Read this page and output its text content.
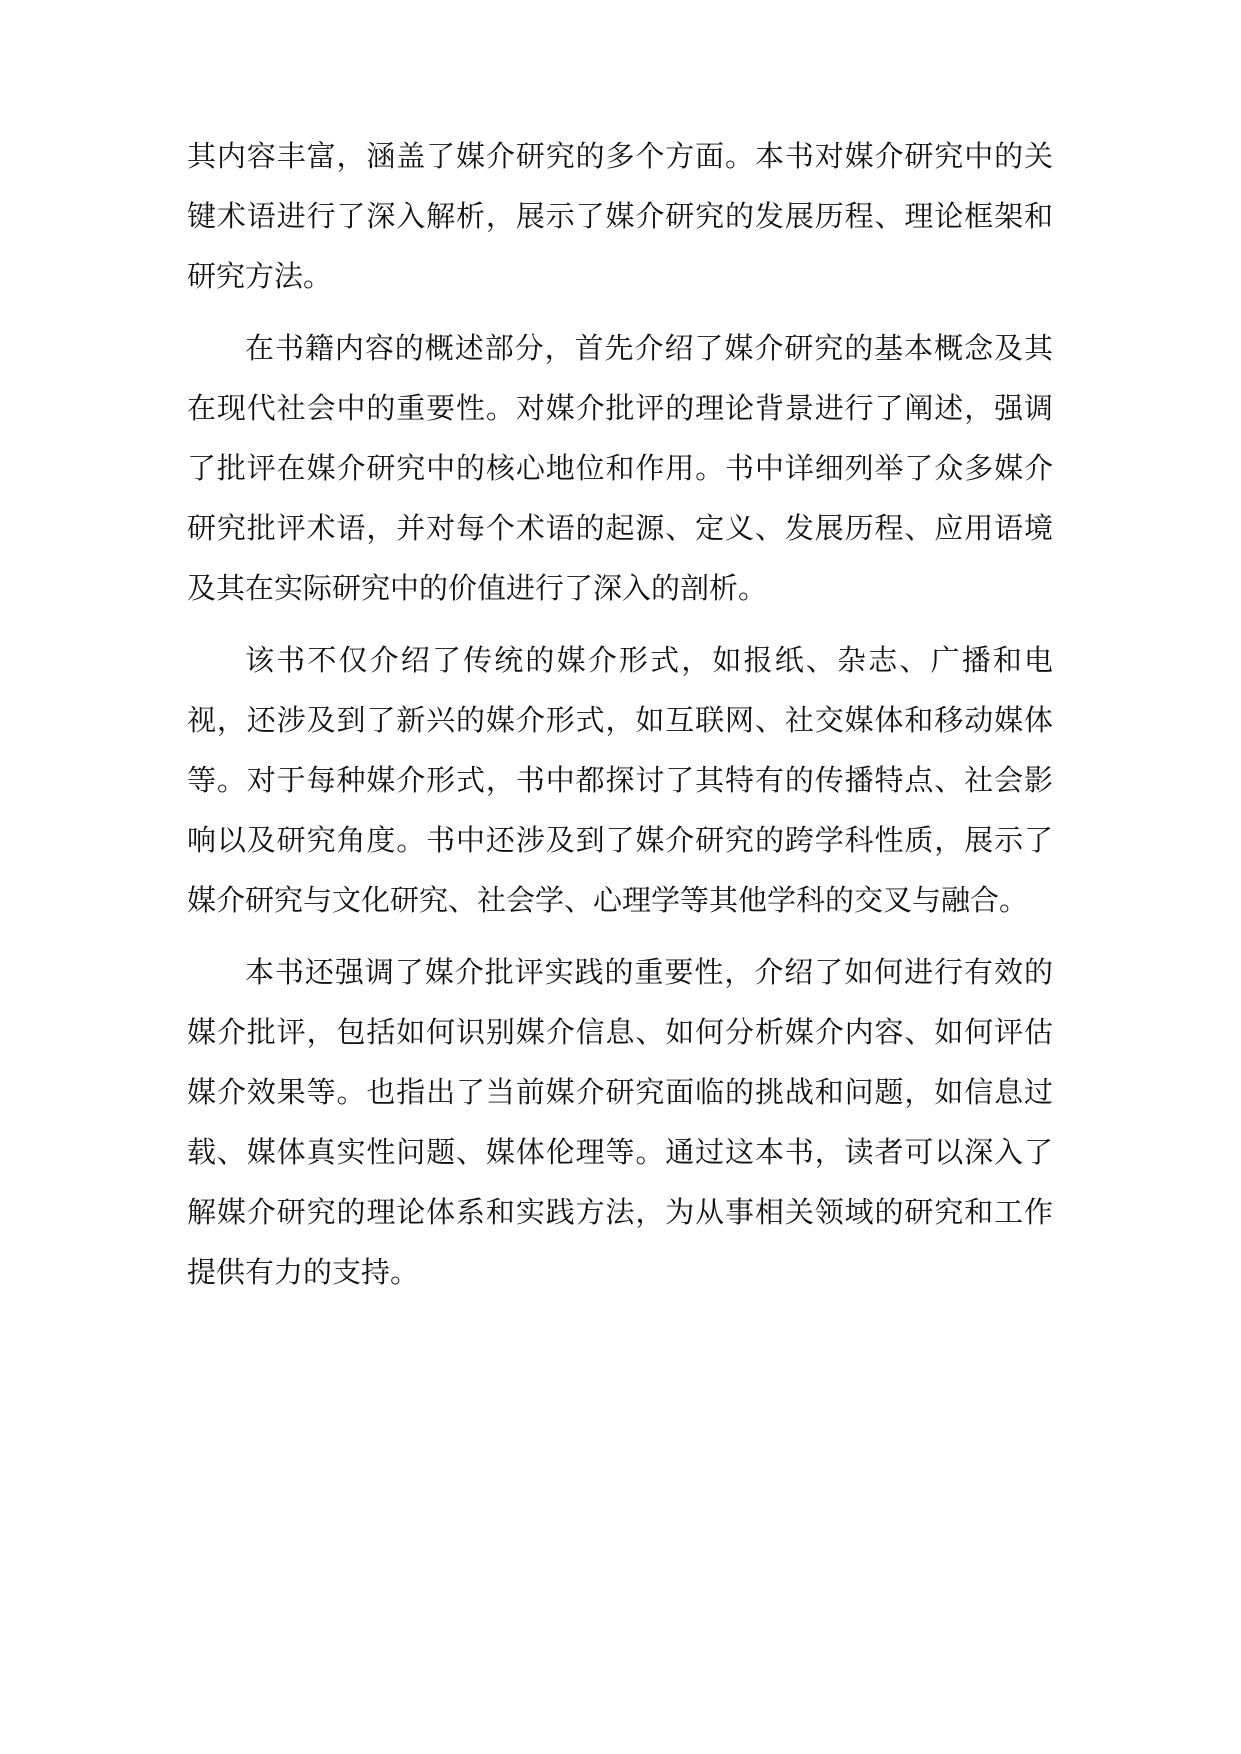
其内容丰富，涵盖了媒介研究的多个方面。本书对媒介研究中的关键术语进行了深入解析，展示了媒介研究的发展历程、理论框架和研究方法。

在书籍内容的概述部分，首先介绍了媒介研究的基本概念及其在现代社会中的重要性。对媒介批评的理论背景进行了阐述，强调了批评在媒介研究中的核心地位和作用。书中详细列举了众多媒介研究批评术语，并对每个术语的起源、定义、发展历程、应用语境及其在实际研究中的价值进行了深入的剖析。

该书不仅介绍了传统的媒介形式，如报纸、杂志、广播和电视，还涉及到了新兴的媒介形式，如互联网、社交媒体和移动媒体等。对于每种媒介形式，书中都探讨了其特有的传播特点、社会影响以及研究角度。书中还涉及到了媒介研究的跨学科性质，展示了媒介研究与文化研究、社会学、心理学等其他学科的交叉与融合。

本书还强调了媒介批评实践的重要性，介绍了如何进行有效的媒介批评，包括如何识别媒介信息、如何分析媒介内容、如何评估媒介效果等。也指出了当前媒介研究面临的挑战和问题，如信息过载、媒体真实性问题、媒体伦理等。通过这本书，读者可以深入了解媒介研究的理论体系和实践方法，为从事相关领域的研究和工作提供有力的支持。
